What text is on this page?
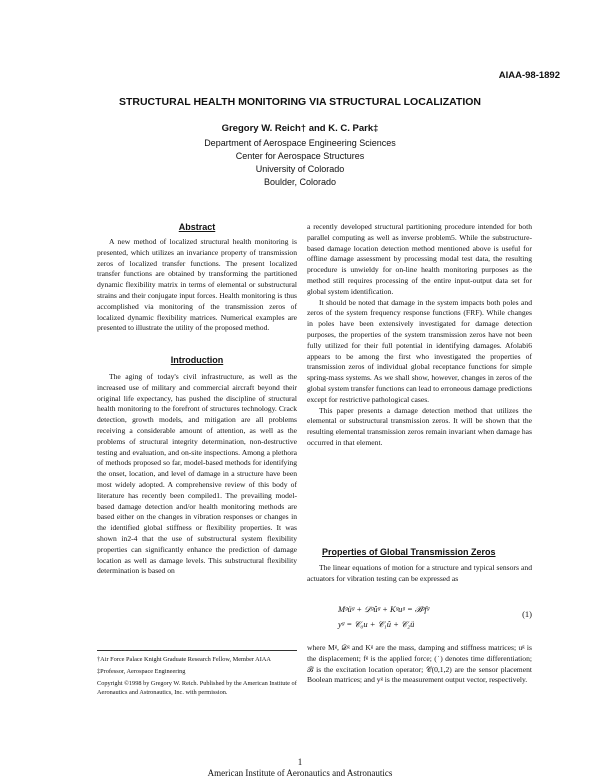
AIAA-98-1892
STRUCTURAL HEALTH MONITORING VIA STRUCTURAL LOCALIZATION
Gregory W. Reich† and K. C. Park‡
Department of Aerospace Engineering Sciences
Center for Aerospace Structures
University of Colorado
Boulder, Colorado
Abstract

A new method of localized structural health monitoring is presented, which utilizes an invariance property of transmission zeros of localized transfer functions. The present localized transfer functions are obtained by transforming the partitioned dynamic flexibility matrix in terms of elemental or substructural strains and their conjugate input forces. Health monitoring is thus accomplished via monitoring of the transmission zeros of localized dynamic flexibility matrices. Numerical examples are presented to illustrate the utility of the proposed method.

Introduction

The aging of today's civil infrastructure, as well as the increased use of military and commercial aircraft beyond their original life expectancy, has pushed the discipline of structural health monitoring to the forefront of structures technology. Crack detection, growth models, and mitigation are all problems receiving a considerable amount of attention, as well as the problems of structural integrity determination, non-destructive testing and evaluation, and on-site inspections. Among a plethora of methods proposed so far, model-based methods for identifying the onset, location, and level of damage in a structure have been most widely adopted. A comprehensive review of this body of literature has recently been compiled1. The prevailing model-based damage detection and/or health monitoring methods are based either on the changes in vibration responses or changes in the identified global stiffness or flexibility properties. It was shown in2-4 that the use of substructural system flexibility properties can significantly enhance the prediction of damage location as well as damage levels. This substructural flexibility determination is based on

†Air Force Palace Knight Graduate Research Fellow, Member AIAA

‡Professor, Aerospace Engineering

Copyright ©1998 by Gregory W. Reich. Published by the American Institute of Aeronautics and Astronautics, Inc. with permission.

a recently developed structural partitioning procedure intended for both parallel computing as well as inverse problem5. While the substructure-based damage location detection method mentioned above is useful for offline damage assessment by processing modal test data, the resulting procedure is unwieldy for on-line health monitoring purposes as the method still requires processing of the entire input-output data set for global system identification.

It should be noted that damage in the system impacts both poles and zeros of the system frequency response functions (FRF). While changes in poles have been extensively investigated for damage detection purposes, the properties of the system transmission zeros have not been fully utilized for their full potential in identifying damages. Afolabi6 appears to be among the first who investigated the properties of transmission zeros of individual global receptance functions for simple spring-mass systems. As we shall show, however, changes in zeros of the global system transfer functions can lead to erroneous damage predictions except for restrictive pathological cases.

This paper presents a damage detection method that utilizes the elemental or substructural transmission zeros. It will be shown that the resulting elemental transmission zeros remain invariant when damage has occurred in that element.

Properties of Global Transmission Zeros

The linear equations of motion for a structure and typical sensors and actuators for vibration testing can be expressed as

Mᵍüᵍ + 𝒟ᵍûᵍ + Kᵍuᵍ = ℬᵍfᵍ
yᵍ = 𝒞₀u + 𝒞₁û + 𝒞₂ü
(1)

where Mᵍ, 𝒟ᵍ and Kᵍ are the mass, damping and stiffness matrices; uᵍ is the displacement; fᵍ is the applied force; (˙) denotes time differentiation; ℬ is the excitation location operator; 𝒞(0,1,2) are the sensor placement Boolean matrices; and yᵍ is the measurement output vector, respectively.

1
American Institute of Aeronautics and Astronautics
